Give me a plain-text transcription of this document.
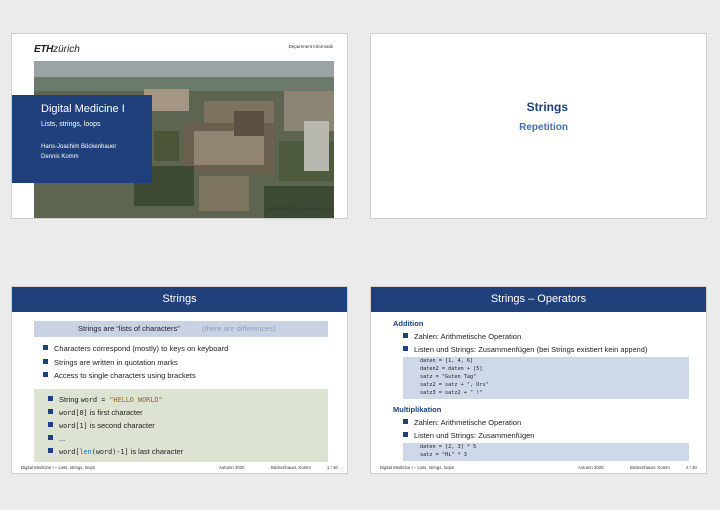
ETHzürich	Department Informatik
Digital Medicine I
Lists, strings, loops
Hans-Joachim Böckenhauer
Dennis Komm
Autumn 2020 – October 15, 2020
Strings
Repetition
Strings
Strings are “lists of characters”	(there are differences)
Characters correspond (mostly) to keys on keyboard
Strings are written in quotation marks
Access to single characters using brackets
String word = "HELLO WORLD"
word[0] is first character
word[1] is second character
...
word[len(word)-1] is last character
Digital Medicine I – Lists, strings, loops	Autumn 2020	Böckenhauer, Komm	1 / 40
Strings – Operators
Addition
Zahlen: Arithmetische Operation
Listen und Strings: Zusammenfügen (bei Strings existiert kein append)
daten = [1, 4, 6]
daten2 = daten + [5]
satz = "Guten Tag"
satz2 = satz + ", Urs"
satz3 = satz2 + " !"
Multiplikation
Zahlen: Arithmetische Operation
Listen und Strings: Zusammenfügen
daten = [2, 3] * 5
satz = "Hi" * 3
Digital Medicine I – Lists, strings, loops	Autumn 2020	Böckenhauer, Komm	2 / 40
